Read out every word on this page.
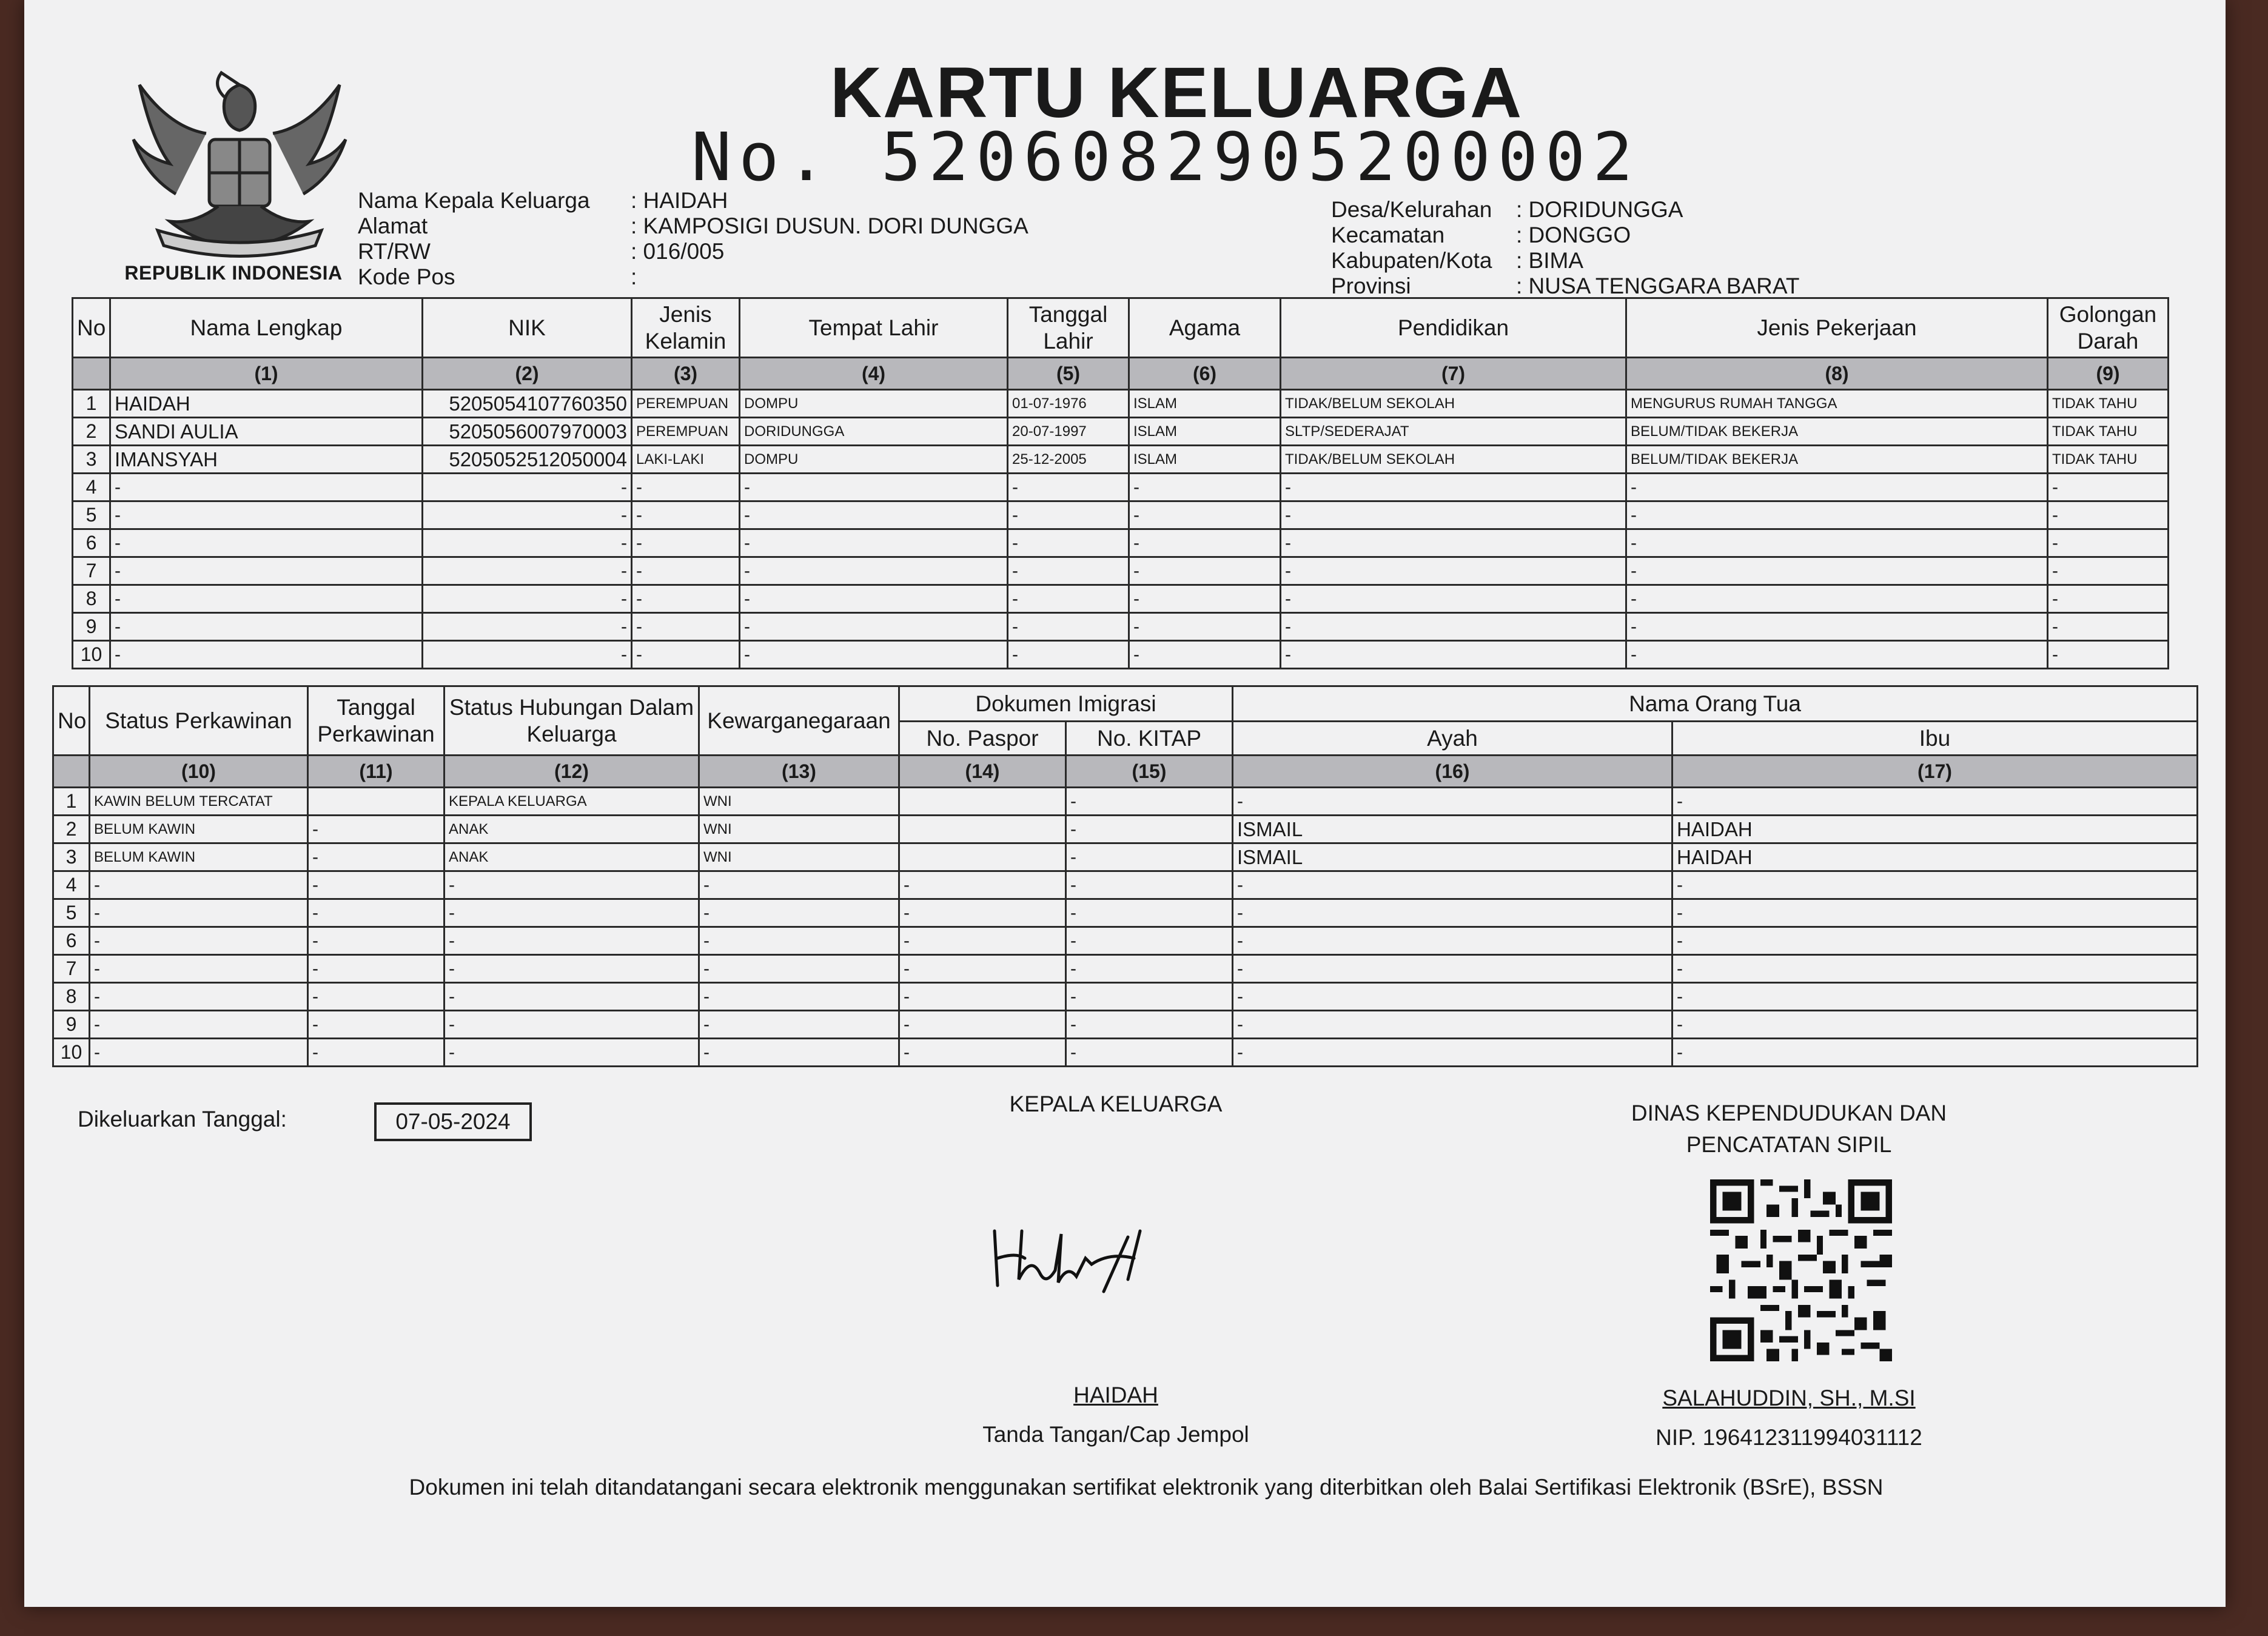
REPUBLIK INDONESIA
KARTU KELUARGA
No. 5206082905200002
Nama Kepala Keluarga	: HAIDAH
Alamat	: KAMPOSIGI DUSUN. DORI DUNGGA
RT/RW	: 016/005
Kode Pos	:
Desa/Kelurahan	: DORIDUNGGA
Kecamatan	: DONGGO
Kabupaten/Kota	: BIMA
Provinsi	: NUSA TENGGARA BARAT
No	Nama Lengkap	NIK	Jenis Kelamin	Tempat Lahir	Tanggal Lahir	Agama	Pendidikan	Jenis Pekerjaan	Golongan Darah
	(1)	(2)	(3)	(4)	(5)	(6)	(7)	(8)	(9)
1	HAIDAH	5205054107760350	PEREMPUAN	DOMPU	01-07-1976	ISLAM	TIDAK/BELUM SEKOLAH	MENGURUS RUMAH TANGGA	TIDAK TAHU
2	SANDI AULIA	5205056007970003	PEREMPUAN	DORIDUNGGA	20-07-1997	ISLAM	SLTP/SEDERAJAT	BELUM/TIDAK BEKERJA	TIDAK TAHU
3	IMANSYAH	5205052512050004	LAKI-LAKI	DOMPU	25-12-2005	ISLAM	TIDAK/BELUM SEKOLAH	BELUM/TIDAK BEKERJA	TIDAK TAHU
4	-	-	-	-	-	-	-	-	-
5	-	-	-	-	-	-	-	-	-
6	-	-	-	-	-	-	-	-	-
7	-	-	-	-	-	-	-	-	-
8	-	-	-	-	-	-	-	-	-
9	-	-	-	-	-	-	-	-	-
10	-	-	-	-	-	-	-	-	-
No	Status Perkawinan	Tanggal Perkawinan	Status Hubungan Dalam Keluarga	Kewarganegaraan	Dokumen Imigrasi		Nama Orang Tua	
					No. Paspor	No. KITAP	Ayah	Ibu
	(10)	(11)	(12)	(13)	(14)	(15)	(16)	(17)
1	KAWIN BELUM TERCATAT		KEPALA KELUARGA	WNI		-	-	-
2	BELUM KAWIN	-	ANAK	WNI		-	ISMAIL	HAIDAH
3	BELUM KAWIN	-	ANAK	WNI		-	ISMAIL	HAIDAH
4	-	-	-	-	-	-	-	-
5	-	-	-	-	-	-	-	-
6	-	-	-	-	-	-	-	-
7	-	-	-	-	-	-	-	-
8	-	-	-	-	-	-	-	-
9	-	-	-	-	-	-	-	-
10	-	-	-	-	-	-	-	-
Dikeluarkan Tanggal:	07-05-2024
KEPALA KELUARGA	DINAS KEPENDUDUKAN DAN
PENCATATAN SIPIL
HAIDAH
Tanda Tangan/Cap Jempol
SALAHUDDIN, SH., M.SI
NIP. 196412311994031112
Dokumen ini telah ditandatangani secara elektronik menggunakan sertifikat elektronik yang diterbitkan oleh Balai Sertifikasi Elektronik (BSrE), BSSN
